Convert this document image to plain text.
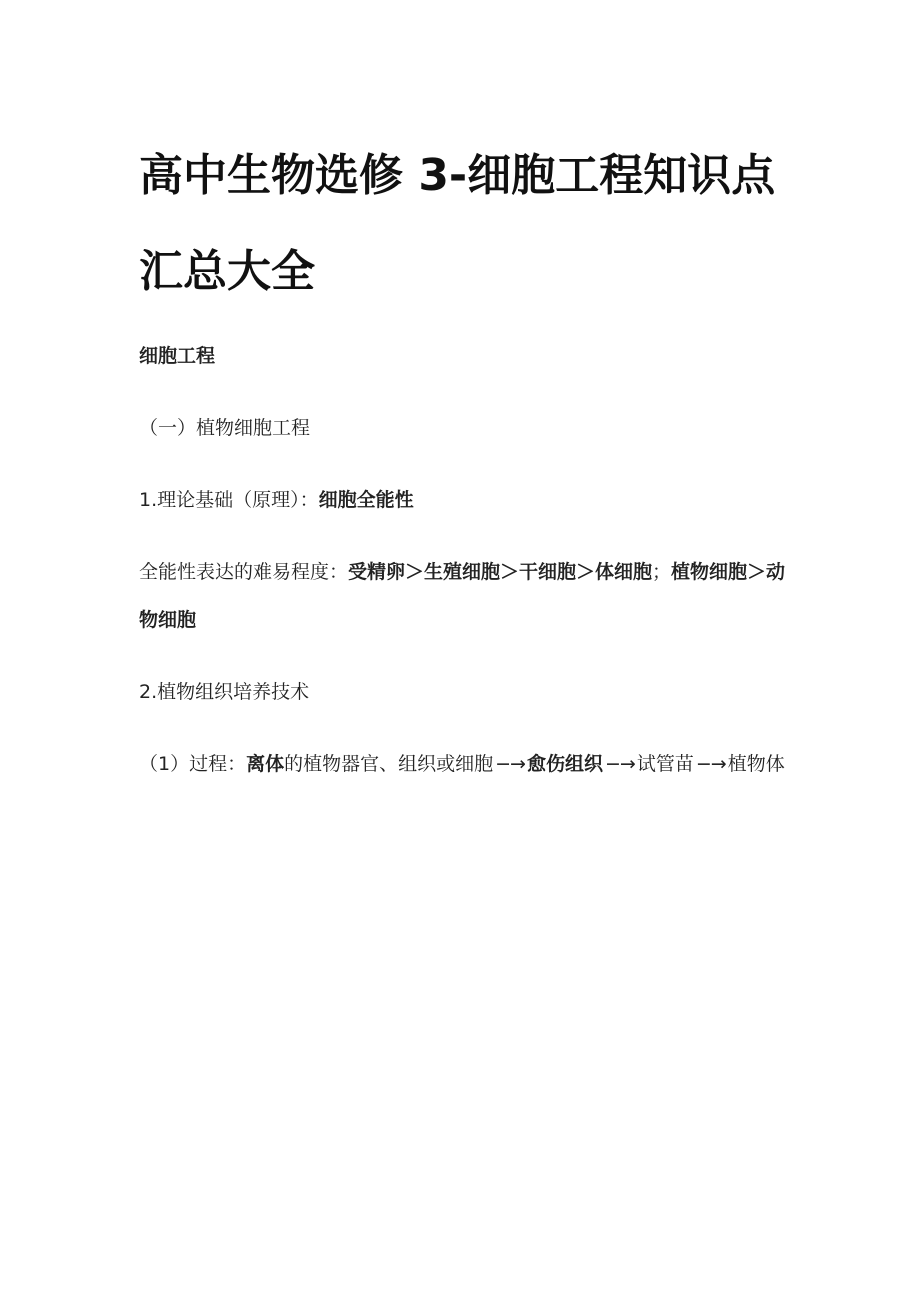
高中生物选修 3-细胞工程知识点
汇总大全

细胞工程

（一）植物细胞工程

1.理论基础（原理）：细胞全能性

全能性表达的难易程度：受精卵＞生殖细胞＞干细胞＞体细胞；植物细胞＞动物细胞

2.植物组织培养技术

（1）过程：离体的植物器官、组织或细胞 −→ 愈伤组织 −→ 试管苗 −→ 植物体
